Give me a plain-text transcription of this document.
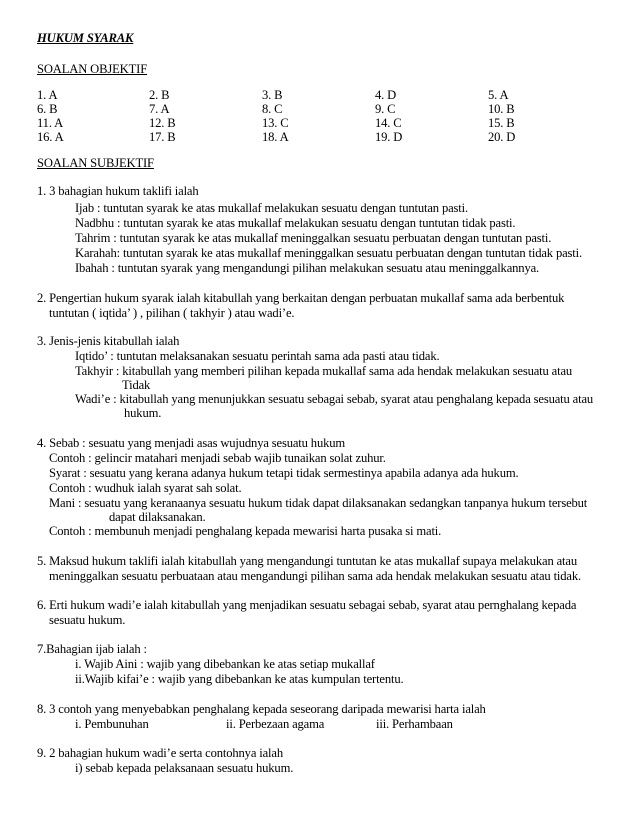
HUKUM SYARAK
SOALAN OBJEKTIF
1. A	2. B	3. B	4. D	5. A
6. B	7. A	8. C	9. C	10. B
11. A	12. B	13. C	14. C	15. B
16. A	17. B	18. A	19. D	20. D
SOALAN SUBJEKTIF
1. 3 bahagian hukum taklifi ialah
Ijab : tuntutan syarak ke atas mukallaf melakukan sesuatu dengan tuntutan pasti.
Nadbhu : tuntutan syarak ke atas mukallaf melakukan sesuatu dengan tuntutan tidak pasti.
Tahrim : tuntutan syarak ke atas mukallaf meninggalkan sesuatu perbuatan dengan tuntutan pasti.
Karahah: tuntutan syarak ke atas mukallaf meninggalkan sesuatu perbuatan dengan tuntutan tidak pasti.
Ibahah : tuntutan syarak yang mengandungi pilihan melakukan sesuatu atau meninggalkannya.
2. Pengertian hukum syarak ialah kitabullah yang berkaitan dengan perbuatan mukallaf sama ada berbentuk
tuntutan ( iqtida’ ) , pilihan ( takhyir ) atau wadi’e.
3. Jenis-jenis kitabullah ialah
Iqtido’ : tuntutan melaksanakan sesuatu perintah sama ada pasti atau tidak.
Takhyir : kitabullah yang memberi pilihan kepada mukallaf sama ada hendak melakukan sesuatu atau
Tidak
Wadi’e : kitabullah yang menunjukkan sesuatu sebagai sebab, syarat atau penghalang kepada sesuatu atau
hukum.
4. Sebab : sesuatu yang menjadi asas wujudnya sesuatu hukum
Contoh : gelincir matahari menjadi sebab wajib tunaikan solat zuhur.
Syarat : sesuatu yang kerana adanya hukum tetapi tidak sermestinya apabila adanya ada hukum.
Contoh : wudhuk ialah syarat sah solat.
Mani : sesuatu yang keranaanya sesuatu hukum tidak dapat dilaksanakan sedangkan tanpanya hukum tersebut
dapat dilaksanakan.
Contoh : membunuh menjadi penghalang kepada mewarisi harta pusaka si mati.
5. Maksud hukum taklifi ialah kitabullah yang mengandungi tuntutan ke atas mukallaf supaya melakukan atau
meninggalkan sesuatu perbuataan atau mengandungi pilihan sama ada hendak melakukan sesuatu atau tidak.
6. Erti hukum wadi’e ialah kitabullah yang menjadikan sesuatu sebagai sebab, syarat atau pernghalang kepada
sesuatu hukum.
7.Bahagian ijab ialah :
i. Wajib Aini : wajib yang dibebankan ke atas setiap mukallaf
ii.Wajib kifai’e : wajib yang dibebankan ke atas kumpulan tertentu.
8. 3 contoh yang menyebabkan penghalang kepada seseorang daripada mewarisi harta ialah
i. Pembunuhan	ii. Perbezaan agama	iii. Perhambaan
9. 2 bahagian hukum wadi’e serta contohnya ialah
i) sebab kepada pelaksanaan sesuatu hukum.
